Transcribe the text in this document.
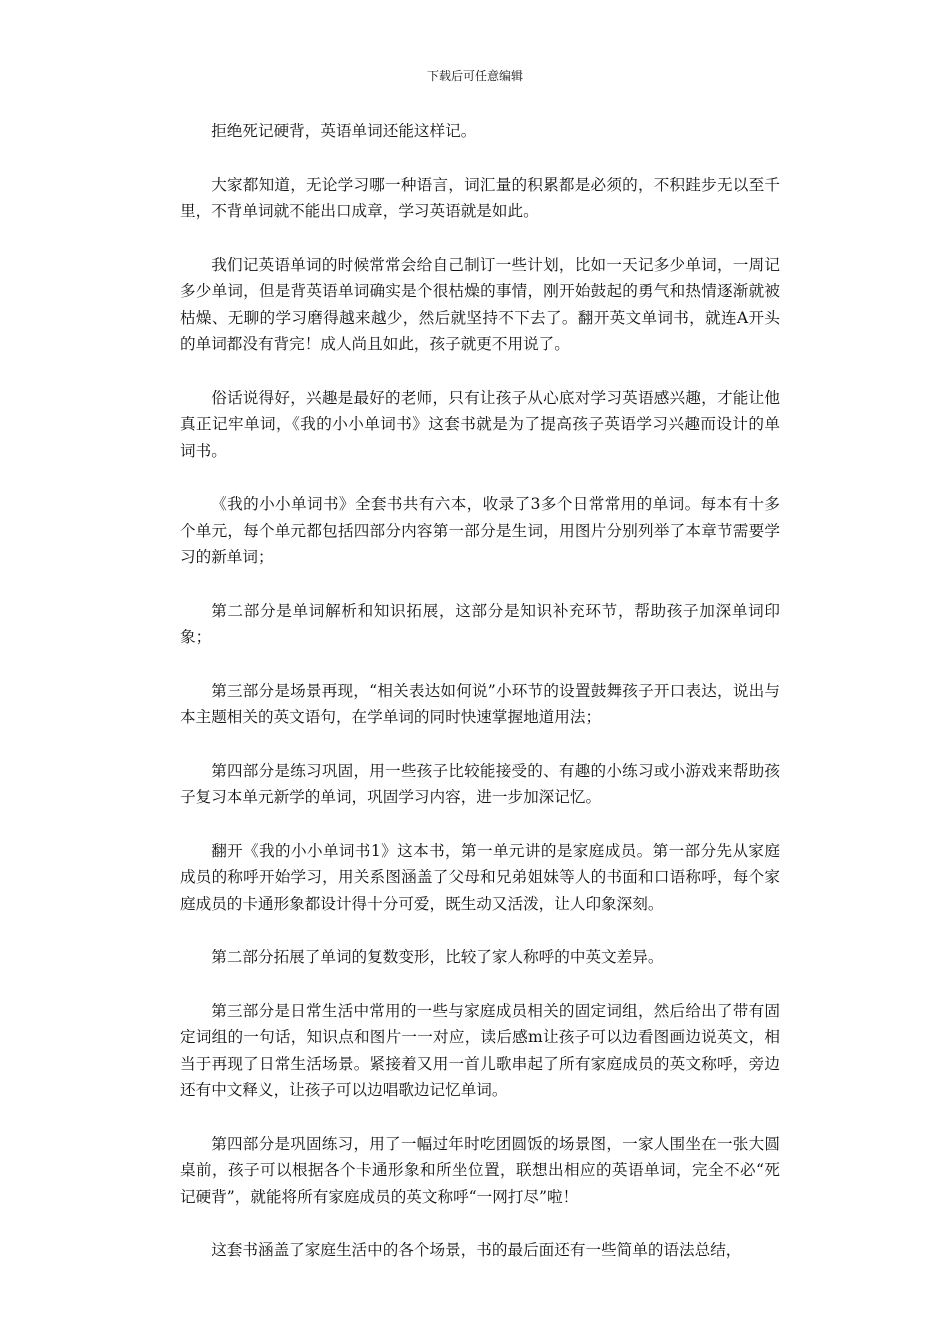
下载后可任意编辑

拒绝死记硬背，英语单词还能这样记。

大家都知道，无论学习哪一种语言，词汇量的积累都是必须的，不积跬步无以至千里，不背单词就不能出口成章，学习英语就是如此。

我们记英语单词的时候常常会给自己制订一些计划，比如一天记多少单词，一周记多少单词，但是背英语单词确实是个很枯燥的事情，刚开始鼓起的勇气和热情逐渐就被枯燥、无聊的学习磨得越来越少，然后就坚持不下去了。翻开英文单词书，就连A开头的单词都没有背完！成人尚且如此，孩子就更不用说了。

俗话说得好，兴趣是最好的老师，只有让孩子从心底对学习英语感兴趣，才能让他真正记牢单词，《我的小小单词书》这套书就是为了提高孩子英语学习兴趣而设计的单词书。

《我的小小单词书》全套书共有六本，收录了3多个日常常用的单词。每本有十多个单元，每个单元都包括四部分内容第一部分是生词，用图片分别列举了本章节需要学习的新单词；

第二部分是单词解析和知识拓展，这部分是知识补充环节，帮助孩子加深单词印象；

第三部分是场景再现，“相关表达如何说”小环节的设置鼓舞孩子开口表达，说出与本主题相关的英文语句，在学单词的同时快速掌握地道用法；

第四部分是练习巩固，用一些孩子比较能接受的、有趣的小练习或小游戏来帮助孩子复习本单元新学的单词，巩固学习内容，进一步加深记忆。

翻开《我的小小单词书1》这本书，第一单元讲的是家庭成员。第一部分先从家庭成员的称呼开始学习，用关系图涵盖了父母和兄弟姐妹等人的书面和口语称呼，每个家庭成员的卡通形象都设计得十分可爱，既生动又活泼，让人印象深刻。

第二部分拓展了单词的复数变形，比较了家人称呼的中英文差异。

第三部分是日常生活中常用的一些与家庭成员相关的固定词组，然后给出了带有固定词组的一句话，知识点和图片一一对应，读后感m让孩子可以边看图画边说英文，相当于再现了日常生活场景。紧接着又用一首儿歌串起了所有家庭成员的英文称呼，旁边还有中文释义，让孩子可以边唱歌边记忆单词。

第四部分是巩固练习，用了一幅过年时吃团圆饭的场景图，一家人围坐在一张大圆桌前，孩子可以根据各个卡通形象和所坐位置，联想出相应的英语单词，完全不必“死记硬背”，就能将所有家庭成员的英文称呼“一网打尽”啦！

这套书涵盖了家庭生活中的各个场景，书的最后面还有一些简单的语法总结，
